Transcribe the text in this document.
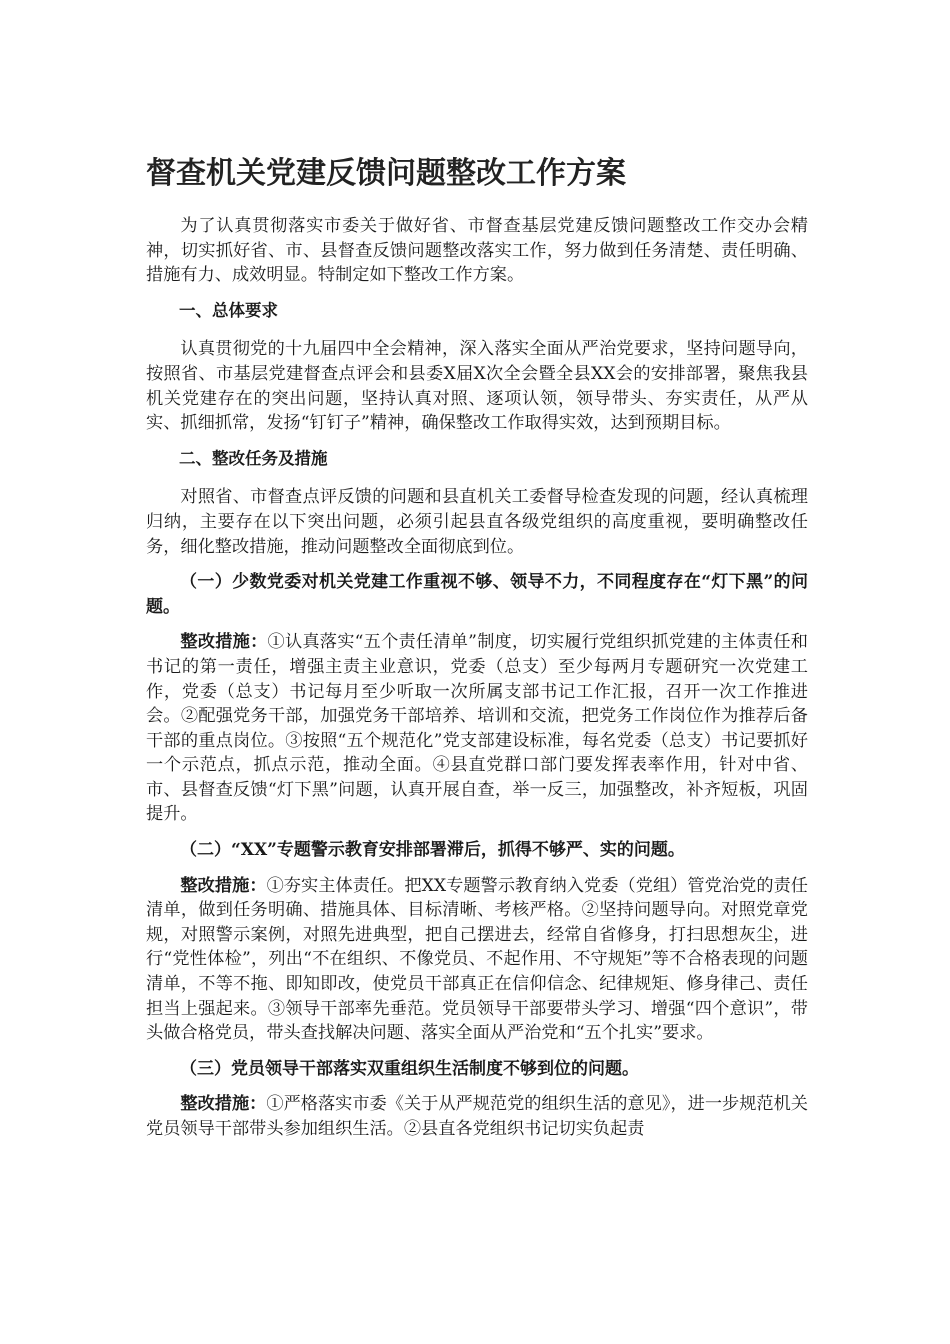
督查机关党建反馈问题整改工作方案

为了认真贯彻落实市委关于做好省、市督查基层党建反馈问题整改工作交办会精神，切实抓好省、市、县督查反馈问题整改落实工作，努力做到任务清楚、责任明确、措施有力、成效明显。特制定如下整改工作方案。

一、总体要求

认真贯彻党的十九届四中全会精神，深入落实全面从严治党要求，坚持问题导向，按照省、市基层党建督查点评会和县委X届X次全会暨全县XX会的安排部署，聚焦我县机关党建存在的突出问题，坚持认真对照、逐项认领，领导带头、夯实责任，从严从实、抓细抓常，发扬“钉钉子”精神，确保整改工作取得实效，达到预期目标。

二、整改任务及措施

对照省、市督查点评反馈的问题和县直机关工委督导检查发现的问题，经认真梳理归纳，主要存在以下突出问题，必须引起县直各级党组织的高度重视，要明确整改任务，细化整改措施，推动问题整改全面彻底到位。

（一）少数党委对机关党建工作重视不够、领导不力，不同程度存在“灯下黑”的问题。

整改措施：①认真落实“五个责任清单”制度，切实履行党组织抓党建的主体责任和书记的第一责任，增强主责主业意识，党委（总支）至少每两月专题研究一次党建工作，党委（总支）书记每月至少听取一次所属支部书记工作汇报，召开一次工作推进会。②配强党务干部，加强党务干部培养、培训和交流，把党务工作岗位作为推荐后备干部的重点岗位。③按照“五个规范化”党支部建设标准，每名党委（总支）书记要抓好一个示范点，抓点示范，推动全面。④县直党群口部门要发挥表率作用，针对中省、市、县督查反馈“灯下黑”问题，认真开展自查，举一反三，加强整改，补齐短板，巩固提升。

（二）“XX”专题警示教育安排部署滞后，抓得不够严、实的问题。

整改措施：①夯实主体责任。把XX专题警示教育纳入党委（党组）管党治党的责任清单，做到任务明确、措施具体、目标清晰、考核严格。②坚持问题导向。对照党章党规，对照警示案例，对照先进典型，把自己摆进去，经常自省修身，打扫思想灰尘，进行“党性体检”，列出“不在组织、不像党员、不起作用、不守规矩”等不合格表现的问题清单，不等不拖、即知即改，使党员干部真正在信仰信念、纪律规矩、修身律己、责任担当上强起来。③领导干部率先垂范。党员领导干部要带头学习、增强“四个意识”，带头做合格党员，带头查找解决问题、落实全面从严治党和“五个扎实”要求。

（三）党员领导干部落实双重组织生活制度不够到位的问题。

整改措施：①严格落实市委《关于从严规范党的组织生活的意见》，进一步规范机关党员领导干部带头参加组织生活。②县直各党组织书记切实负起责
